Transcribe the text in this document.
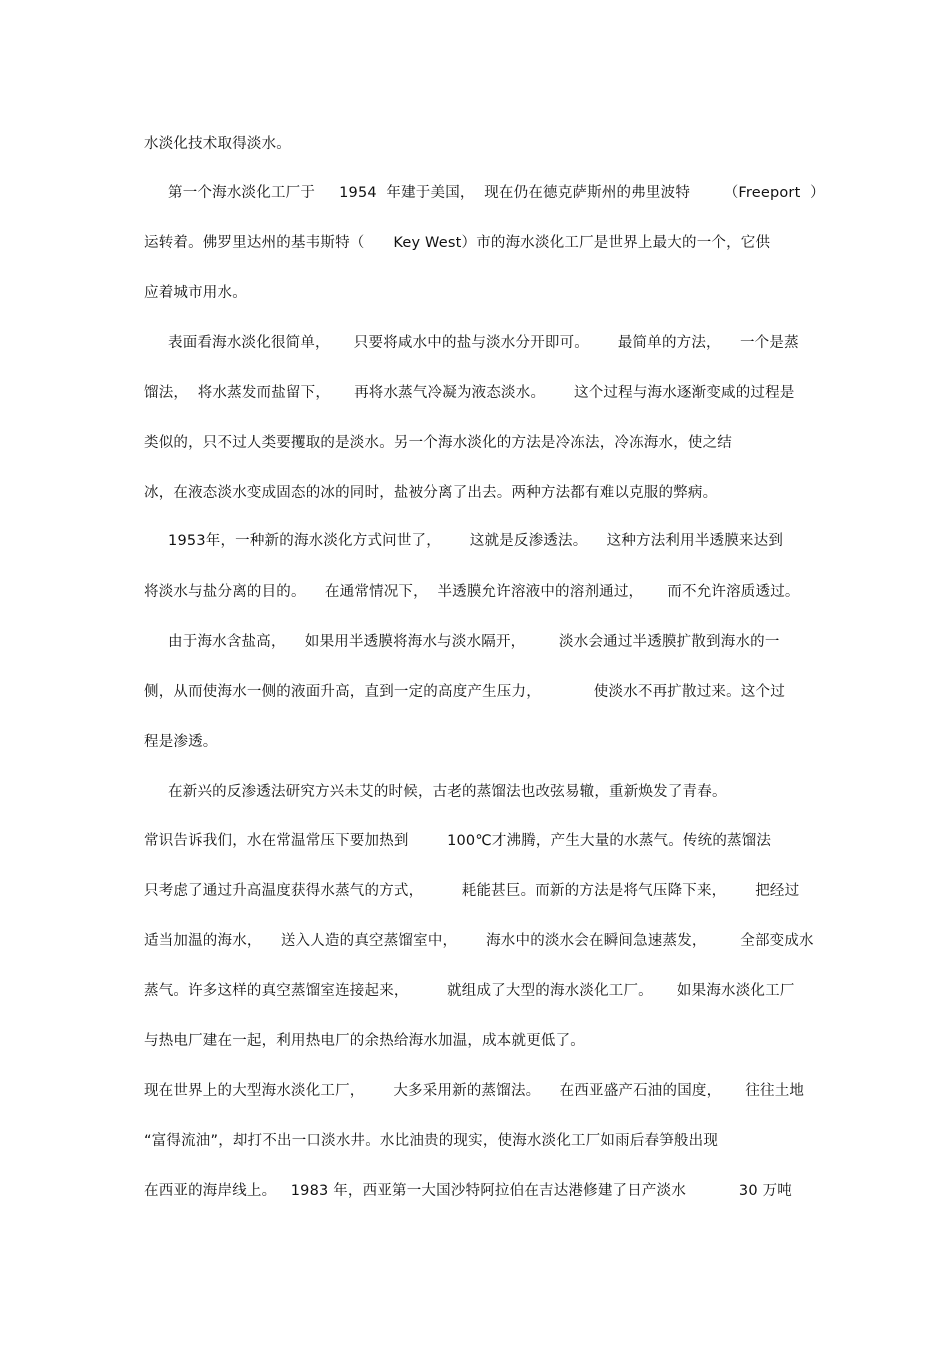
水淡化技术取得淡水。
第一个海水淡化工厂于     1954  年建于美国，  现在仍在德克萨斯州的弗里波特       （Freeport  ）
运转着。佛罗里达州的基韦斯特（      Key West）市的海水淡化工厂是世界上最大的一个，它供
应着城市用水。
表面看海水淡化很简单，     只要将咸水中的盐与淡水分开即可。      最简单的方法，    一个是蒸
馏法，  将水蒸发而盐留下，     再将水蒸气冷凝为液态淡水。      这个过程与海水逐渐变咸的过程是
类似的，只不过人类要攫取的是淡水。另一个海水淡化的方法是冷冻法，冷冻海水，使之结
冰，在液态淡水变成固态的冰的同时，盐被分离了出去。两种方法都有难以克服的弊病。
1953年，一种新的海水淡化方式问世了，      这就是反渗透法。    这种方法利用半透膜来达到
将淡水与盐分离的目的。    在通常情况下，  半透膜允许溶液中的溶剂通过，     而不允许溶质透过。
由于海水含盐高，    如果用半透膜将海水与淡水隔开，       淡水会通过半透膜扩散到海水的一
侧，从而使海水一侧的液面升高，直到一定的高度产生压力，           使淡水不再扩散过来。这个过
程是渗透。
在新兴的反渗透法研究方兴未艾的时候，古老的蒸馏法也改弦易辙，重新焕发了青春。
常识告诉我们，水在常温常压下要加热到        100℃才沸腾，产生大量的水蒸气。传统的蒸馏法
只考虑了通过升高温度获得水蒸气的方式，        耗能甚巨。而新的方法是将气压降下来，      把经过
适当加温的海水，    送入人造的真空蒸馏室中，      海水中的淡水会在瞬间急速蒸发，       全部变成水
蒸气。许多这样的真空蒸馏室连接起来，        就组成了大型的海水淡化工厂。     如果海水淡化工厂
与热电厂建在一起，利用热电厂的余热给海水加温，成本就更低了。
现在世界上的大型海水淡化工厂，      大多采用新的蒸馏法。    在西亚盛产石油的国度，     往往土地
“富得流油”，却打不出一口淡水井。水比油贵的现实，使海水淡化工厂如雨后春笋般出现
在西亚的海岸线上。   1983 年，西亚第一大国沙特阿拉伯在吉达港修建了日产淡水           30 万吨
